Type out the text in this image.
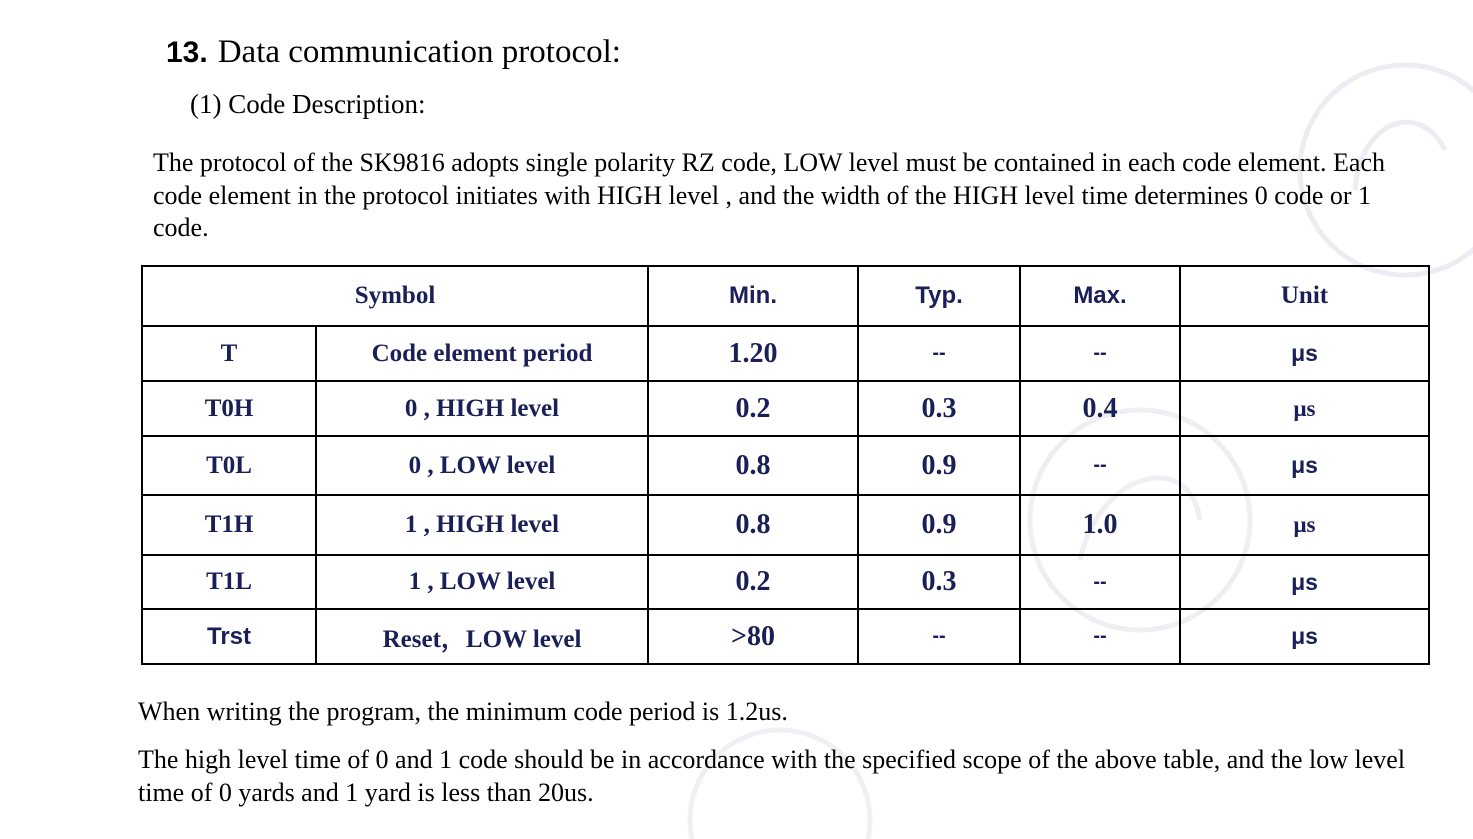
13. Data communication protocol:
(1) Code Description:

The protocol of the SK9816 adopts single polarity RZ code, LOW level must be contained in each code element. Each code element in the protocol initiates with HIGH level , and the width of the HIGH level time determines 0 code or 1 code.

Symbol		Min.	Typ.	Max.	Unit
T	Code element period	1.20	--	--	μs
T0H	0 , HIGH level	0.2	0.3	0.4	μs
T0L	0 , LOW level	0.8	0.9	--	μs
T1H	1 , HIGH level	0.8	0.9	1.0	μs
T1L	1 , LOW level	0.2	0.3	--	μs
Trst	Reset，LOW level	>80	--	--	μs

When writing the program, the minimum code period is 1.2us.

The high level time of 0 and 1 code should be in accordance with the specified scope of the above table, and the low level time of 0 yards and 1 yard is less than 20us.
